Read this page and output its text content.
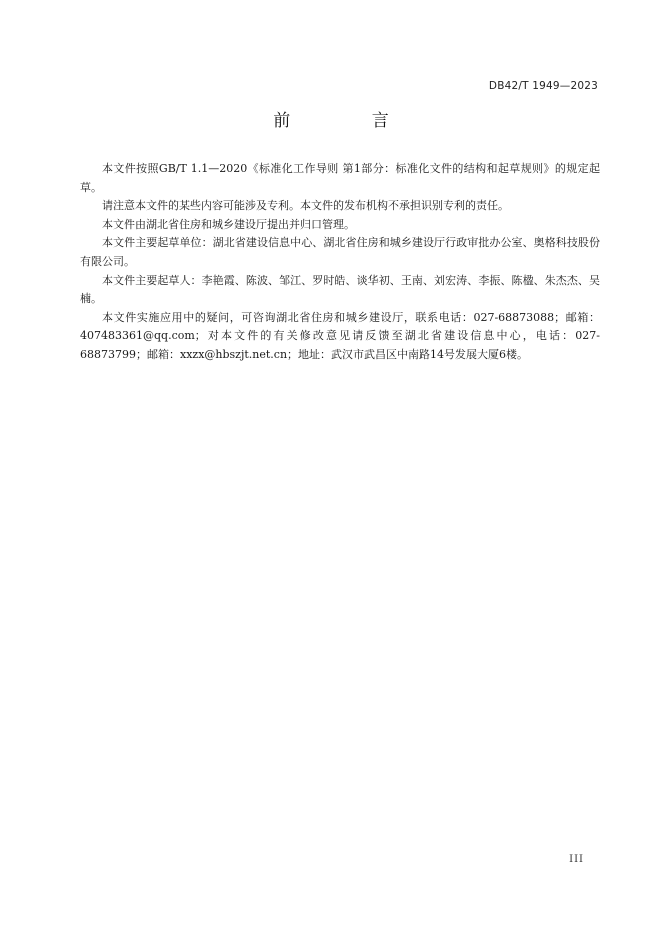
DB42/T 1949—2023
前 言

本文件按照GB/T 1.1—2020《标准化工作导则 第1部分：标准化文件的结构和起草规则》的规定起草。

请注意本文件的某些内容可能涉及专利。本文件的发布机构不承担识别专利的责任。

本文件由湖北省住房和城乡建设厅提出并归口管理。

本文件主要起草单位：湖北省建设信息中心、湖北省住房和城乡建设厅行政审批办公室、奥格科技股份有限公司。

本文件主要起草人：李艳霞、陈波、邹江、罗时皓、谈华初、王南、刘宏涛、李振、陈楹、朱杰杰、吴楠。

本文件实施应用中的疑问，可咨询湖北省住房和城乡建设厅，联系电话：027-68873088；邮箱：407483361@qq.com；对本文件的有关修改意见请反馈至湖北省建设信息中心，电话：027-68873799；邮箱：xxzx@hbszjt.net.cn；地址：武汉市武昌区中南路14号发展大厦6楼。

III
